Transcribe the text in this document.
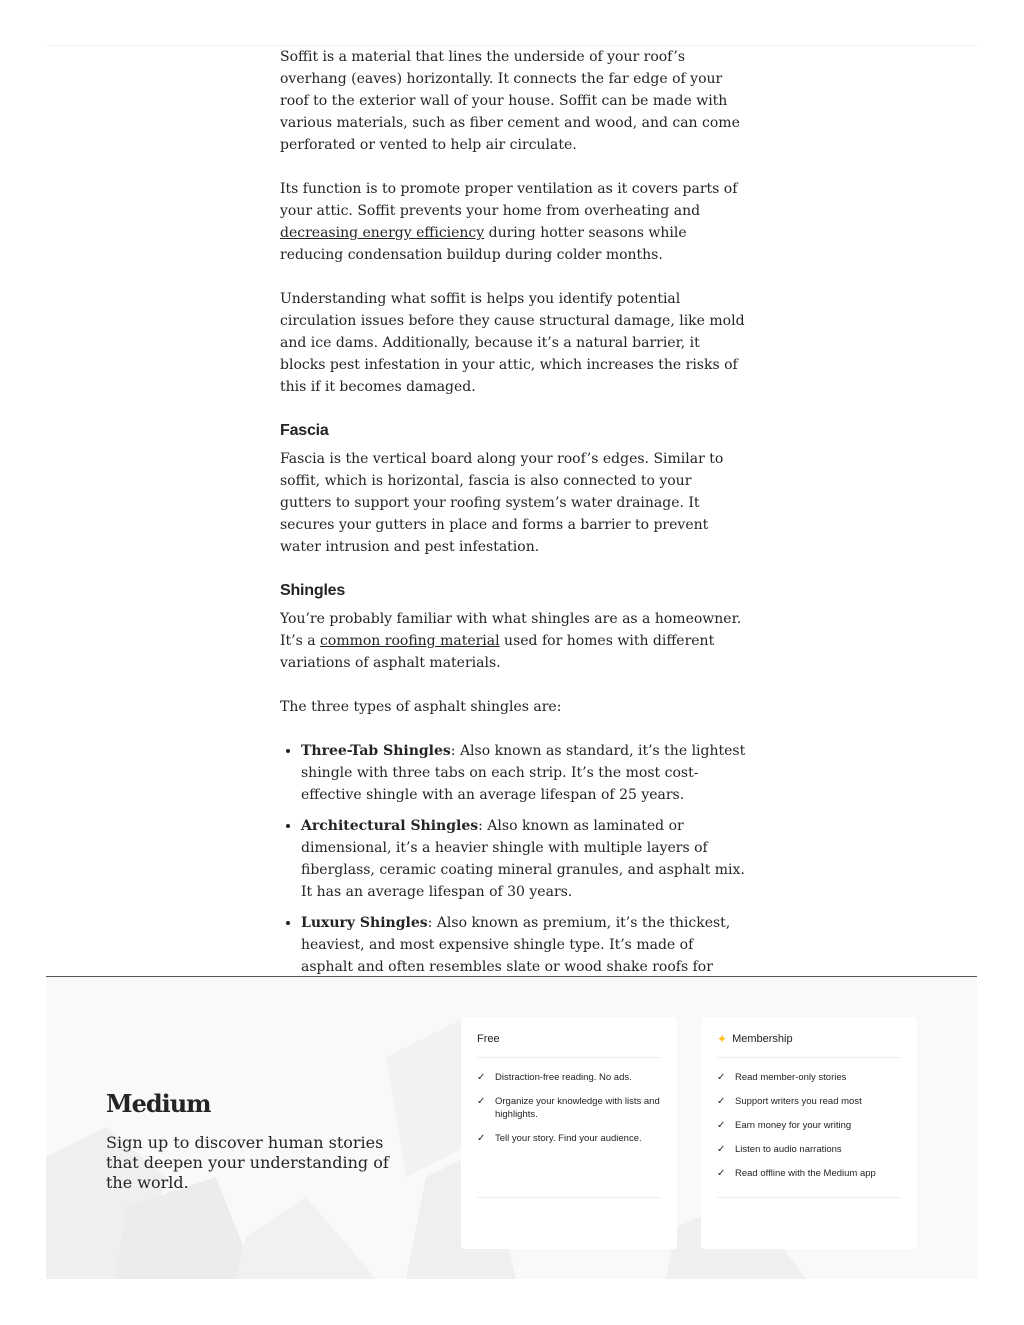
Soffit is a material that lines the underside of your roof’s overhang (eaves) horizontally. It connects the far edge of your roof to the exterior wall of your house. Soffit can be made with various materials, such as fiber cement and wood, and can come perforated or vented to help air circulate.

Its function is to promote proper ventilation as it covers parts of your attic. Soffit prevents your home from overheating and decreasing energy efficiency during hotter seasons while reducing condensation buildup during colder months.

Understanding what soffit is helps you identify potential circulation issues before they cause structural damage, like mold and ice dams. Additionally, because it’s a natural barrier, it blocks pest infestation in your attic, which increases the risks of this if it becomes damaged.

Fascia

Fascia is the vertical board along your roof’s edges. Similar to soffit, which is horizontal, fascia is also connected to your gutters to support your roofing system’s water drainage. It secures your gutters in place and forms a barrier to prevent water intrusion and pest infestation.

Shingles

You’re probably familiar with what shingles are as a homeowner. It’s a common roofing material used for homes with different variations of asphalt materials.

The three types of asphalt shingles are:

• Three-Tab Shingles: Also known as standard, it’s the lightest shingle with three tabs on each strip. It’s the most cost-effective shingle with an average lifespan of 25 years.
• Architectural Shingles: Also known as laminated or dimensional, it’s a heavier shingle with multiple layers of fiberglass, ceramic coating mineral granules, and asphalt mix. It has an average lifespan of 30 years.
• Luxury Shingles: Also known as premium, it’s the thickest, heaviest, and most expensive shingle type. It’s made of asphalt and often resembles slate or wood shake roofs for

Medium
Sign up to discover human stories that deepen your understanding of the world.
Free
✓	Distraction-free reading. No ads.
✓	Organize your knowledge with lists and highlights.
✓	Tell your story. Find your audience.
✦ Membership
✓	Read member-only stories
✓	Support writers you read most
✓	Earn money for your writing
✓	Listen to audio narrations
✓	Read offline with the Medium app
